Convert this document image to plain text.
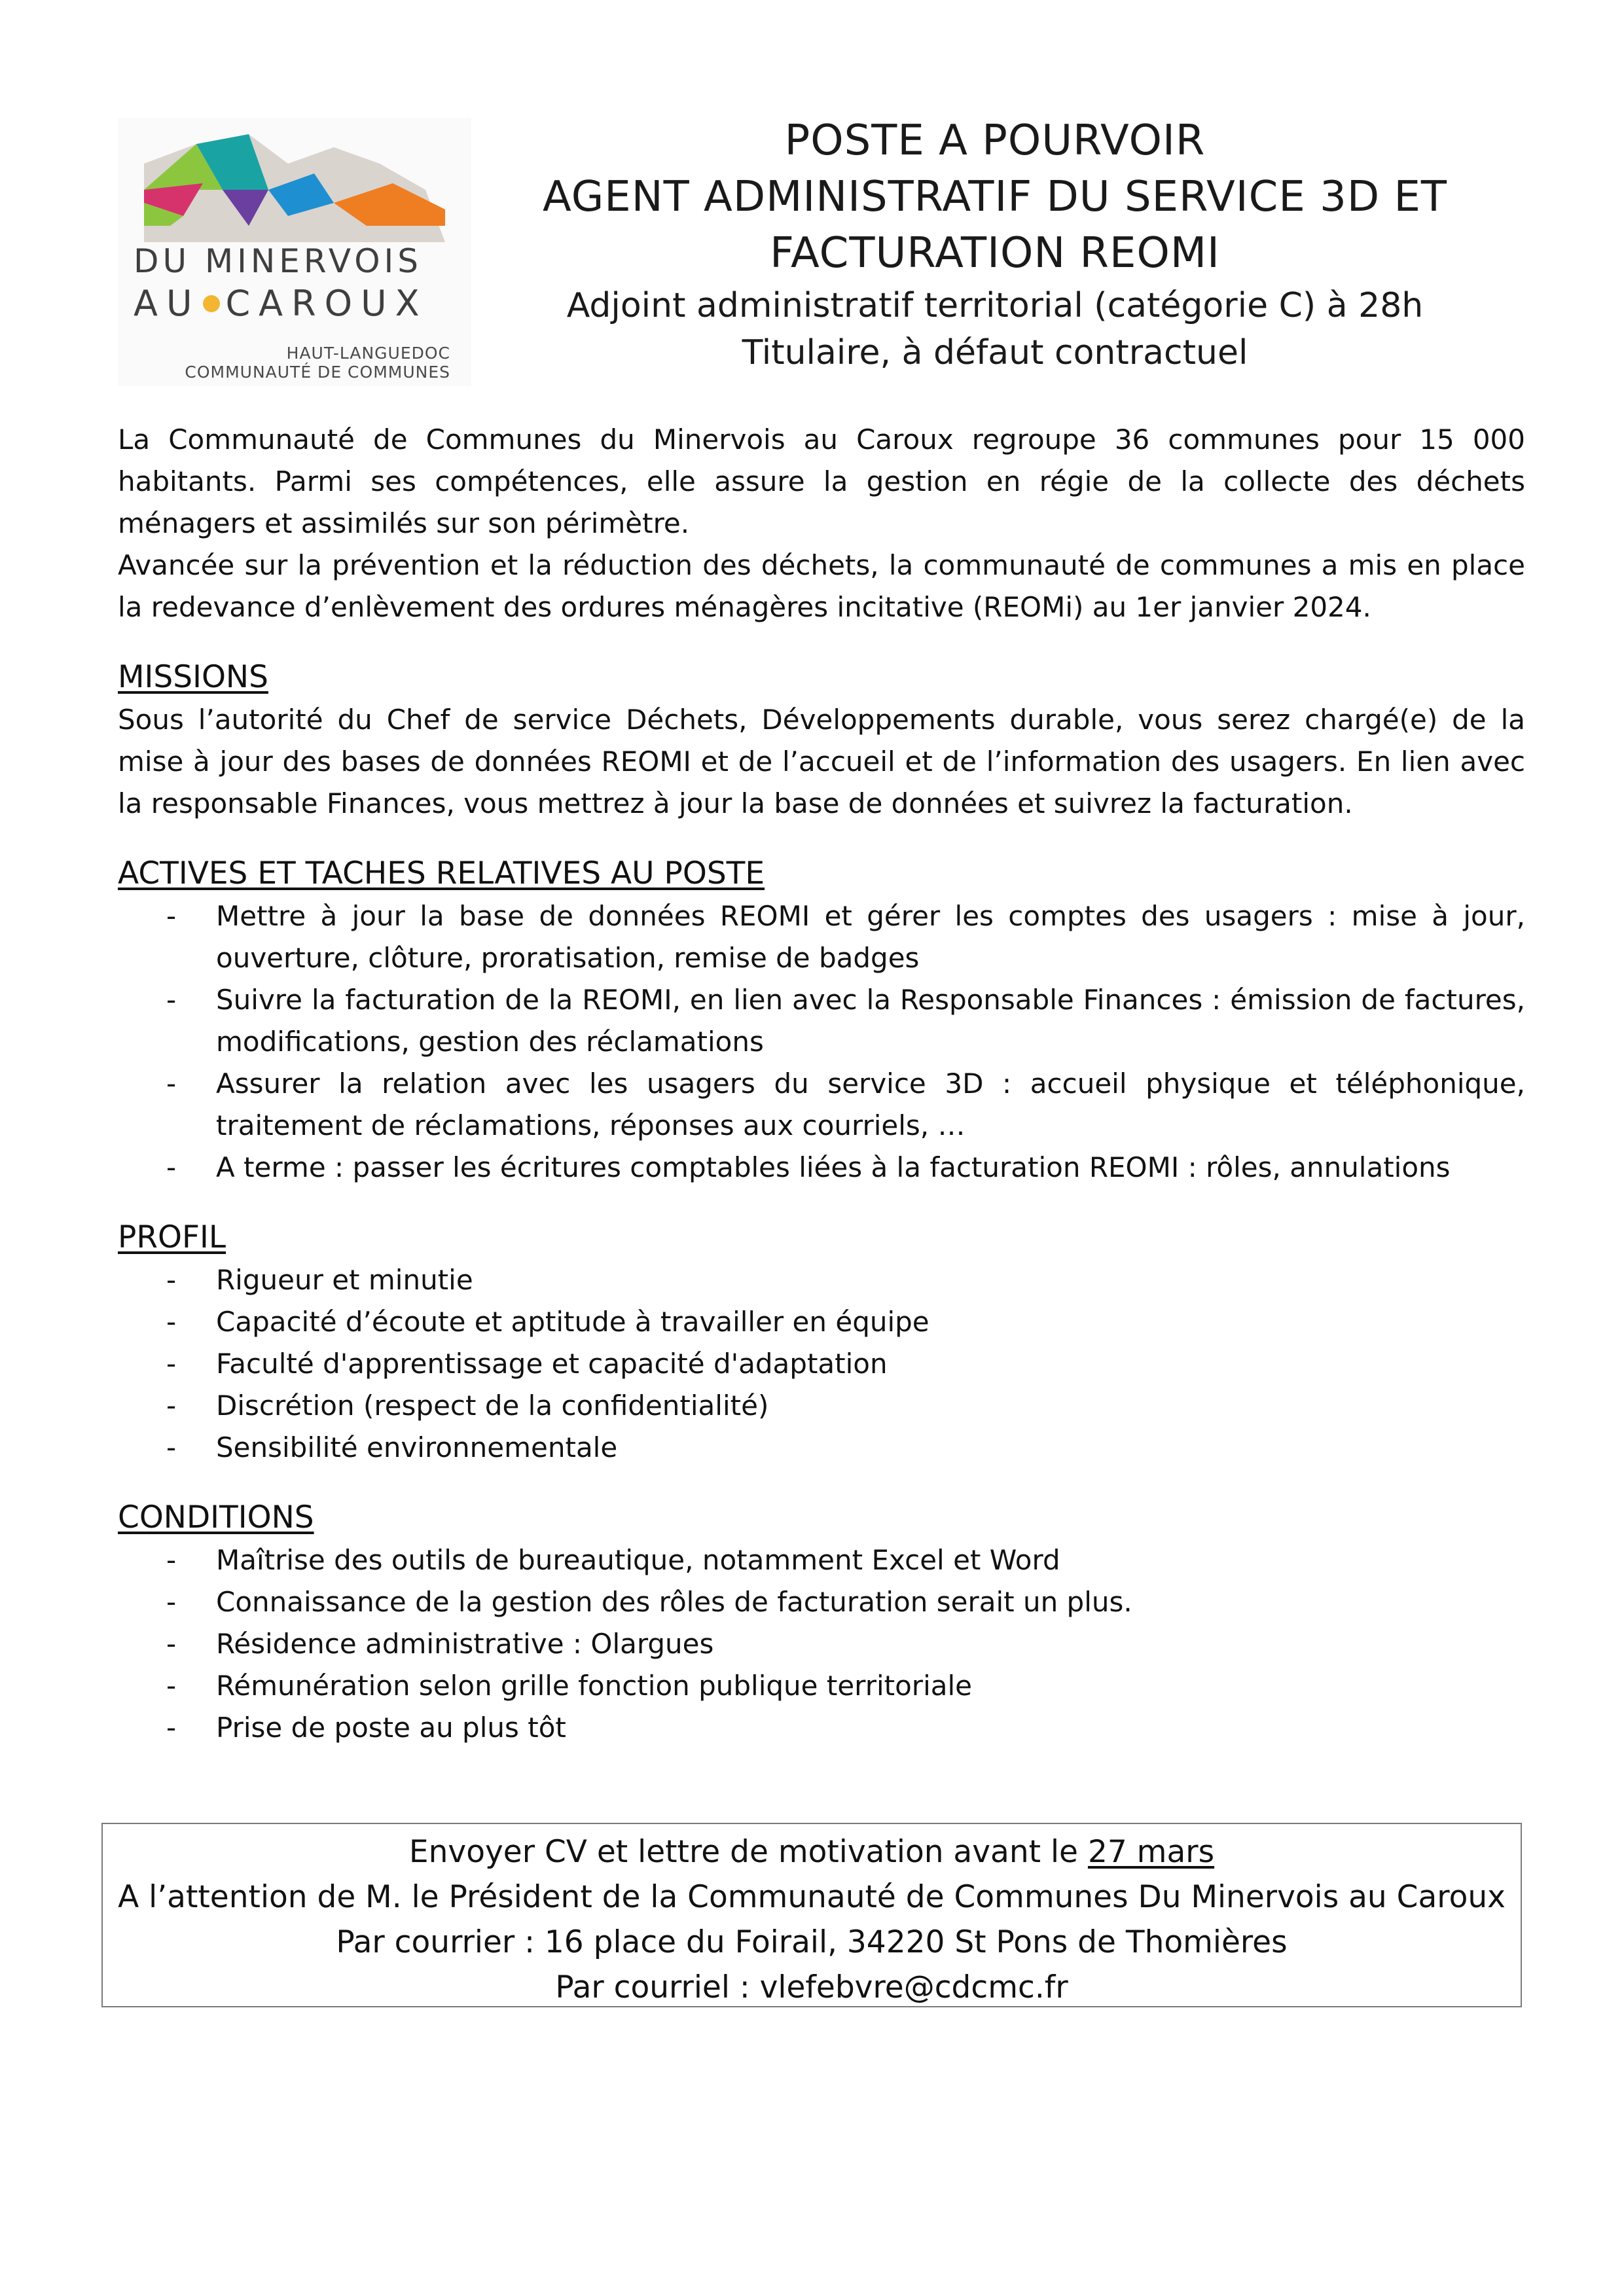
DU MINERVOIS
AU CAROUX
HAUT-LANGUEDOC
COMMUNAUTÉ DE COMMUNES
POSTE A POURVOIR
AGENT ADMINISTRATIF DU SERVICE 3D ET
FACTURATION REOMI
Adjoint administratif territorial (catégorie C) à 28h
Titulaire, à défaut contractuel

La Communauté de Communes du Minervois au Caroux regroupe 36 communes pour 15 000 habitants. Parmi ses compétences, elle assure la gestion en régie de la collecte des déchets ménagers et assimilés sur son périmètre.

Avancée sur la prévention et la réduction des déchets, la communauté de communes a mis en place la redevance d’enlèvement des ordures ménagères incitative (REOMi) au 1er janvier 2024.

MISSIONS

Sous l’autorité du Chef de service Déchets, Développements durable, vous serez chargé(e) de la mise à jour des bases de données REOMI et de l’accueil et de l’information des usagers. En lien avec la responsable Finances, vous mettrez à jour la base de données et suivrez la facturation.

ACTIVES ET TACHES RELATIVES AU POSTE
- Mettre à jour la base de données REOMI et gérer les comptes des usagers : mise à jour, ouverture, clôture, proratisation, remise de badges
- Suivre la facturation de la REOMI, en lien avec la Responsable Finances : émission de factures, modifications, gestion des réclamations
- Assurer la relation avec les usagers du service 3D : accueil physique et téléphonique, traitement de réclamations, réponses aux courriels, …
- A terme : passer les écritures comptables liées à la facturation REOMI : rôles, annulations
PROFIL
- Rigueur et minutie
- Capacité d’écoute et aptitude à travailler en équipe
- Faculté d'apprentissage et capacité d'adaptation
- Discrétion (respect de la confidentialité)
- Sensibilité environnementale
CONDITIONS
- Maîtrise des outils de bureautique, notamment Excel et Word
- Connaissance de la gestion des rôles de facturation serait un plus.
- Résidence administrative : Olargues
- Rémunération selon grille fonction publique territoriale
- Prise de poste au plus tôt
Envoyer CV et lettre de motivation avant le 27 mars
A l’attention de M. le Président de la Communauté de Communes Du Minervois au Caroux
Par courrier : 16 place du Foirail, 34220 St Pons de Thomières
Par courriel : vlefebvre@cdcmc.fr
